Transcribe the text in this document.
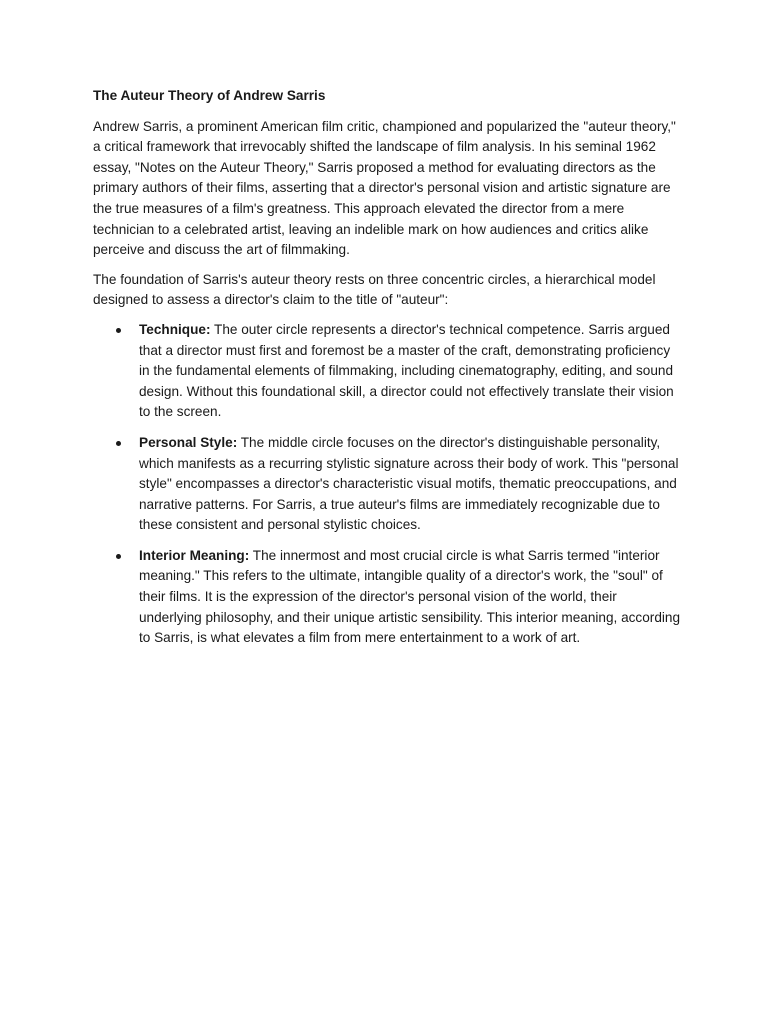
The Auteur Theory of Andrew Sarris

Andrew Sarris, a prominent American film critic, championed and popularized the "auteur theory," a critical framework that irrevocably shifted the landscape of film analysis. In his seminal 1962 essay, "Notes on the Auteur Theory," Sarris proposed a method for evaluating directors as the primary authors of their films, asserting that a director's personal vision and artistic signature are the true measures of a film's greatness. This approach elevated the director from a mere technician to a celebrated artist, leaving an indelible mark on how audiences and critics alike perceive and discuss the art of filmmaking.

The foundation of Sarris's auteur theory rests on three concentric circles, a hierarchical model designed to assess a director's claim to the title of "auteur":

Technique: The outer circle represents a director's technical competence. Sarris argued that a director must first and foremost be a master of the craft, demonstrating proficiency in the fundamental elements of filmmaking, including cinematography, editing, and sound design. Without this foundational skill, a director could not effectively translate their vision to the screen.
Personal Style: The middle circle focuses on the director's distinguishable personality, which manifests as a recurring stylistic signature across their body of work. This "personal style" encompasses a director's characteristic visual motifs, thematic preoccupations, and narrative patterns. For Sarris, a true auteur's films are immediately recognizable due to these consistent and personal stylistic choices.
Interior Meaning: The innermost and most crucial circle is what Sarris termed "interior meaning." This refers to the ultimate, intangible quality of a director's work, the "soul" of their films. It is the expression of the director's personal vision of the world, their underlying philosophy, and their unique artistic sensibility. This interior meaning, according to Sarris, is what elevates a film from mere entertainment to a work of art.
